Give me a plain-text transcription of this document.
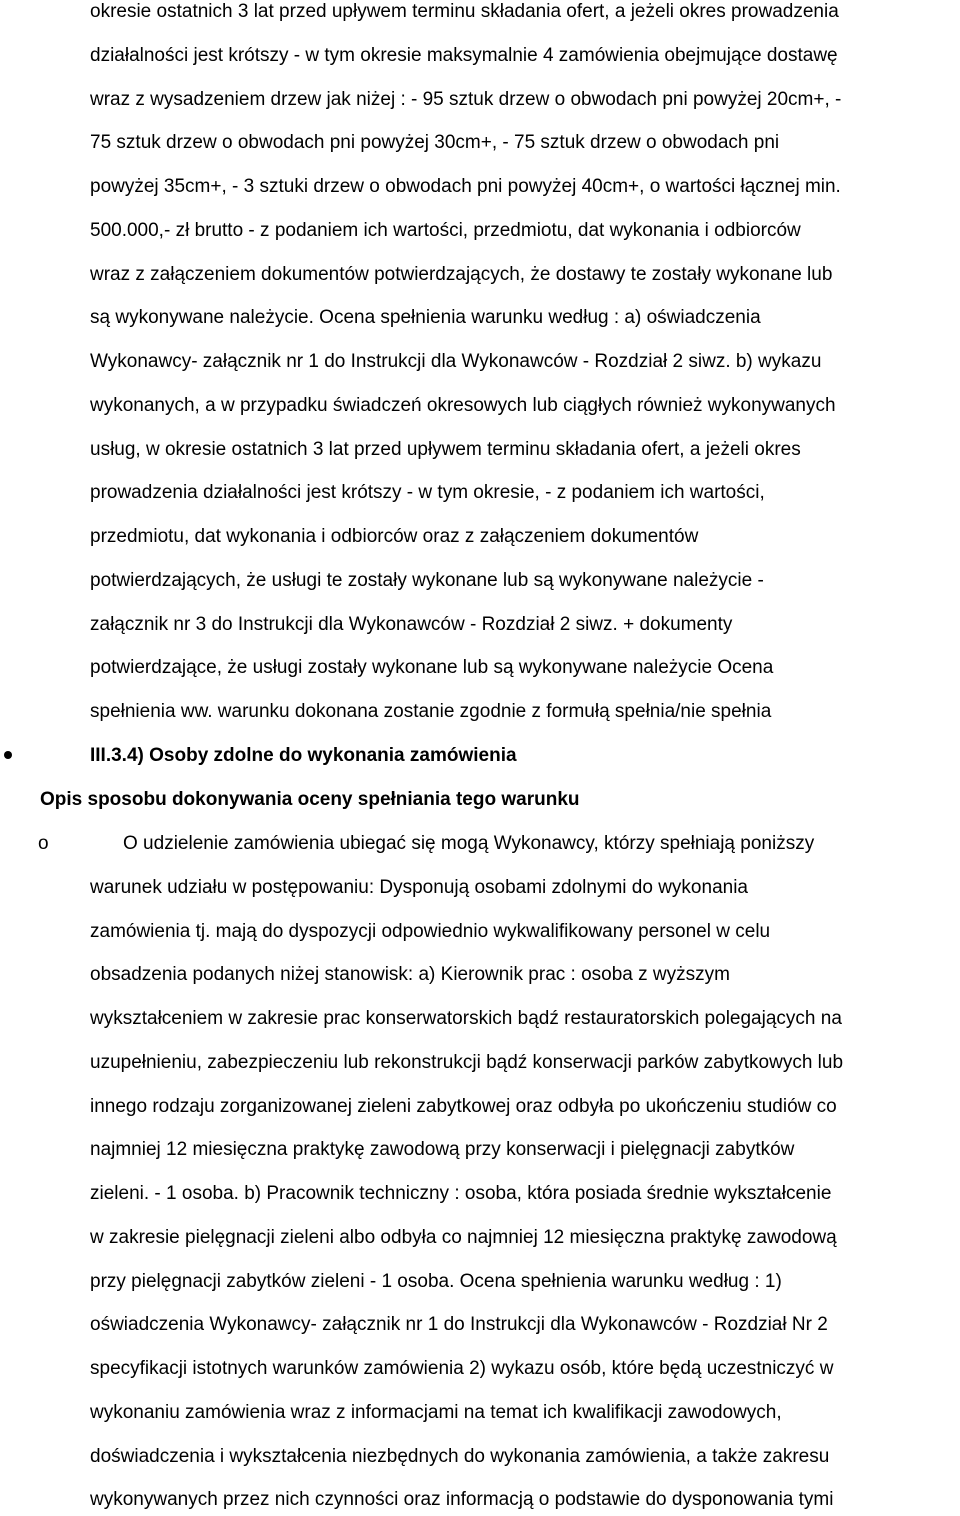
okresie ostatnich 3 lat przed upływem terminu składania ofert, a jeżeli okres prowadzenia
działalności jest krótszy - w tym okresie maksymalnie 4 zamówienia obejmujące dostawę
wraz z wysadzeniem drzew jak niżej : - 95 sztuk drzew o obwodach pni powyżej 20cm+, -
75 sztuk drzew o obwodach pni powyżej 30cm+, - 75 sztuk drzew o obwodach pni
powyżej 35cm+, - 3 sztuki drzew o obwodach pni powyżej 40cm+, o wartości łącznej min.
500.000,- zł brutto - z podaniem ich wartości, przedmiotu, dat wykonania i odbiorców
wraz z załączeniem dokumentów potwierdzających, że dostawy te zostały wykonane lub
są wykonywane należycie. Ocena spełnienia warunku według : a) oświadczenia
Wykonawcy- załącznik nr 1 do Instrukcji dla Wykonawców - Rozdział 2 siwz. b) wykazu
wykonanych, a w przypadku świadczeń okresowych lub ciągłych również wykonywanych
usług, w okresie ostatnich 3 lat przed upływem terminu składania ofert, a jeżeli okres
prowadzenia działalności jest krótszy - w tym okresie, - z podaniem ich wartości,
przedmiotu, dat wykonania i odbiorców oraz z załączeniem dokumentów
potwierdzających, że usługi te zostały wykonane lub są wykonywane należycie -
załącznik nr 3 do Instrukcji dla Wykonawców - Rozdział 2 siwz. + dokumenty
potwierdzające, że usługi zostały wykonane lub są wykonywane należycie Ocena
spełnienia ww. warunku dokonana zostanie zgodnie z formułą spełnia/nie spełnia
III.3.4) Osoby zdolne do wykonania zamówienia
Opis sposobu dokonywania oceny spełniania tego warunku
o	O udzielenie zamówienia ubiegać się mogą Wykonawcy, którzy spełniają poniższy
warunek udziału w postępowaniu: Dysponują osobami zdolnymi do wykonania
zamówienia tj. mają do dyspozycji odpowiednio wykwalifikowany personel w celu
obsadzenia podanych niżej stanowisk: a) Kierownik prac : osoba z wyższym
wykształceniem w zakresie prac konserwatorskich bądź restauratorskich polegających na
uzupełnieniu, zabezpieczeniu lub rekonstrukcji bądź konserwacji parków zabytkowych lub
innego rodzaju zorganizowanej zieleni zabytkowej oraz odbyła po ukończeniu studiów co
najmniej 12 miesięczna praktykę zawodową przy konserwacji i pielęgnacji zabytków
zieleni. - 1 osoba. b) Pracownik techniczny : osoba, która posiada średnie wykształcenie
w zakresie pielęgnacji zieleni albo odbyła co najmniej 12 miesięczna praktykę zawodową
przy pielęgnacji zabytków zieleni - 1 osoba. Ocena spełnienia warunku według : 1)
oświadczenia Wykonawcy- załącznik nr 1 do Instrukcji dla Wykonawców - Rozdział Nr 2
specyfikacji istotnych warunków zamówienia 2) wykazu osób, które będą uczestniczyć w
wykonaniu zamówienia wraz z informacjami na temat ich kwalifikacji zawodowych,
doświadczenia i wykształcenia niezbędnych do wykonania zamówienia, a także zakresu
wykonywanych przez nich czynności oraz informacją o podstawie do dysponowania tymi
